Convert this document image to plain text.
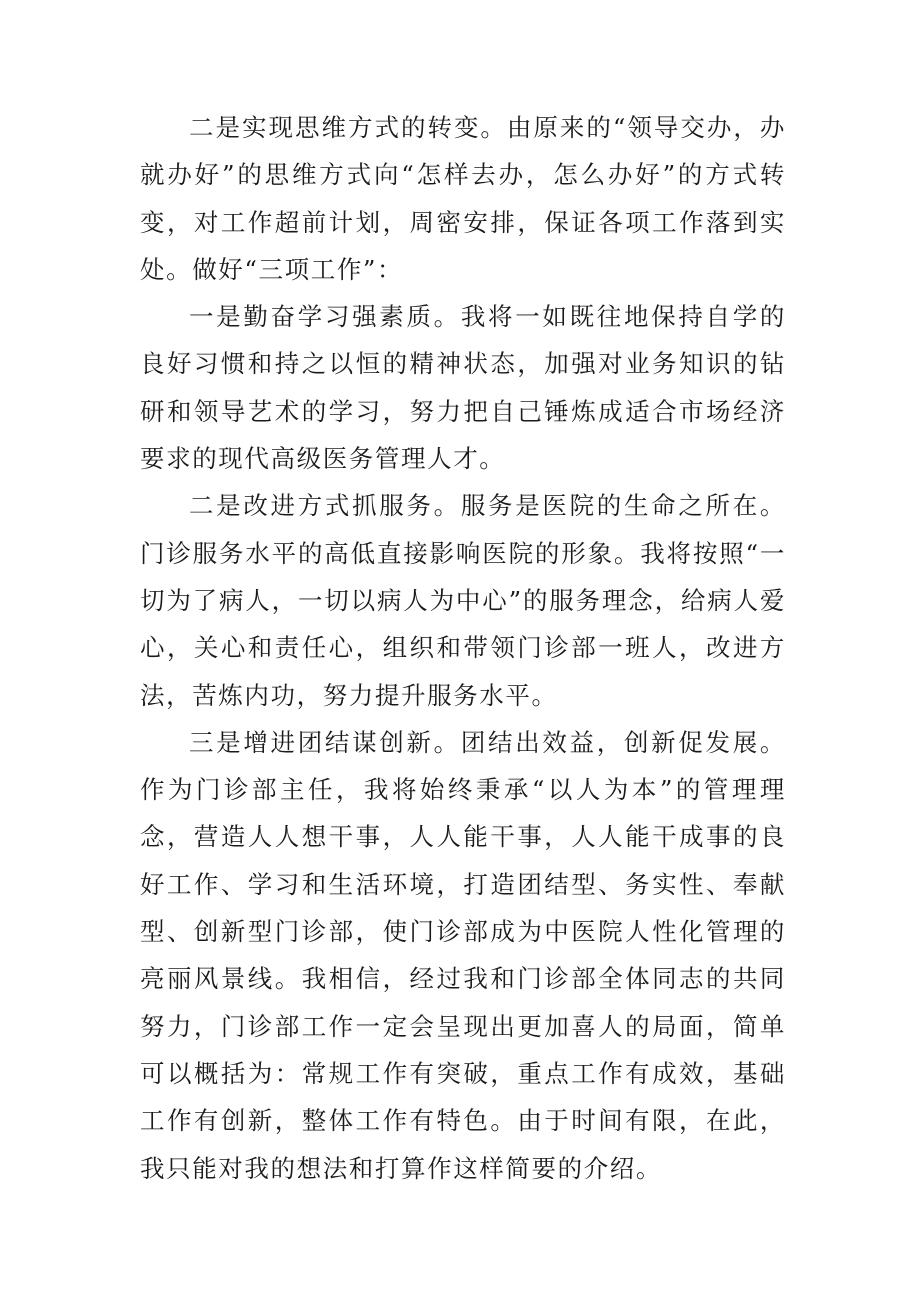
二是实现思维方式的转变。由原来的“领导交办，办就办好”的思维方式向“怎样去办，怎么办好”的方式转变，对工作超前计划，周密安排，保证各项工作落到实处。做好“三项工作”：

一是勤奋学习强素质。我将一如既往地保持自学的良好习惯和持之以恒的精神状态，加强对业务知识的钻研和领导艺术的学习，努力把自己锤炼成适合市场经济要求的现代高级医务管理人才。

二是改进方式抓服务。服务是医院的生命之所在。门诊服务水平的高低直接影响医院的形象。我将按照“一切为了病人，一切以病人为中心”的服务理念，给病人爱心，关心和责任心，组织和带领门诊部一班人，改进方法，苦炼内功，努力提升服务水平。

三是增进团结谋创新。团结出效益，创新促发展。作为门诊部主任，我将始终秉承“以人为本”的管理理念，营造人人想干事，人人能干事，人人能干成事的良好工作、学习和生活环境，打造团结型、务实性、奉献型、创新型门诊部，使门诊部成为中医院人性化管理的亮丽风景线。我相信，经过我和门诊部全体同志的共同努力，门诊部工作一定会呈现出更加喜人的局面，简单可以概括为：常规工作有突破，重点工作有成效，基础工作有创新，整体工作有特色。由于时间有限，在此，我只能对我的想法和打算作这样简要的介绍。
